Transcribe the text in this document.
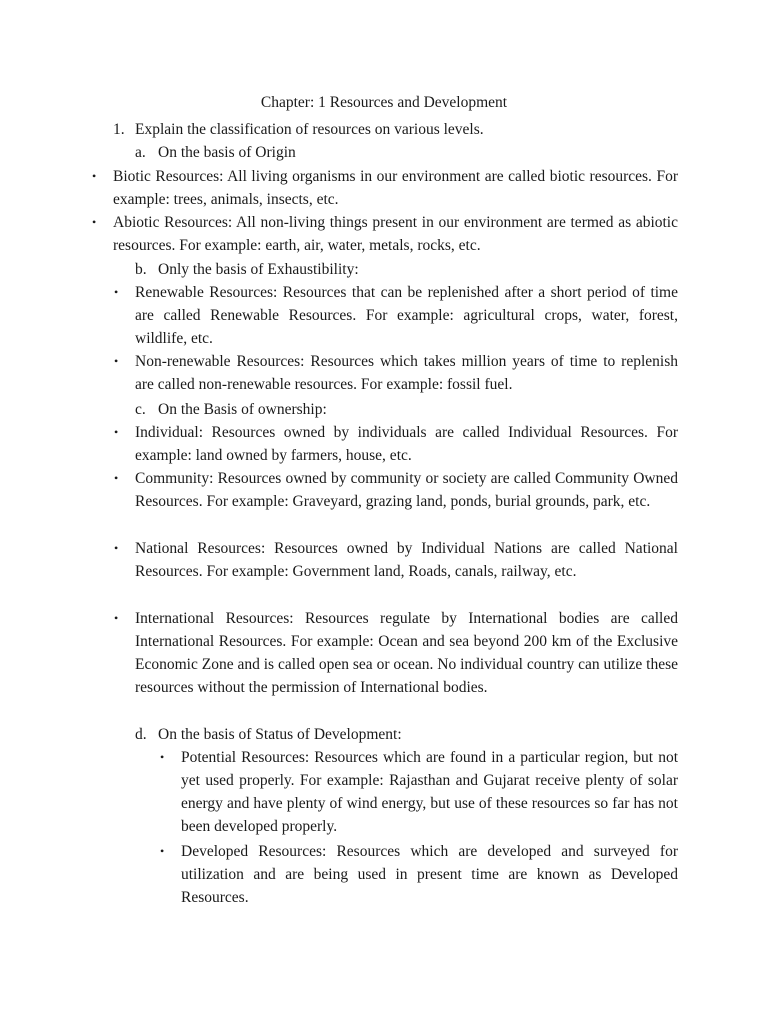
Chapter: 1 Resources and Development
1. Explain the classification of resources on various levels.
a. On the basis of Origin
• Biotic Resources: All living organisms in our environment are called biotic resources. For example: trees, animals, insects, etc.
• Abiotic Resources: All non-living things present in our environment are termed as abiotic resources. For example: earth, air, water, metals, rocks, etc.
b. Only the basis of Exhaustibility:
• Renewable Resources: Resources that can be replenished after a short period of time are called Renewable Resources. For example: agricultural crops, water, forest, wildlife, etc.
• Non-renewable Resources: Resources which takes million years of time to replenish are called non-renewable resources. For example: fossil fuel.
c. On the Basis of ownership:
• Individual: Resources owned by individuals are called Individual Resources. For example: land owned by farmers, house, etc.
• Community: Resources owned by community or society are called Community Owned Resources. For example: Graveyard, grazing land, ponds, burial grounds, park, etc.
• National Resources: Resources owned by Individual Nations are called National Resources. For example: Government land, Roads, canals, railway, etc.
• International Resources: Resources regulate by International bodies are called International Resources. For example: Ocean and sea beyond 200 km of the Exclusive Economic Zone and is called open sea or ocean. No individual country can utilize these resources without the permission of International bodies.
d. On the basis of Status of Development:
• Potential Resources: Resources which are found in a particular region, but not yet used properly. For example: Rajasthan and Gujarat receive plenty of solar energy and have plenty of wind energy, but use of these resources so far has not been developed properly.
• Developed Resources: Resources which are developed and surveyed for utilization and are being used in present time are known as Developed Resources.
